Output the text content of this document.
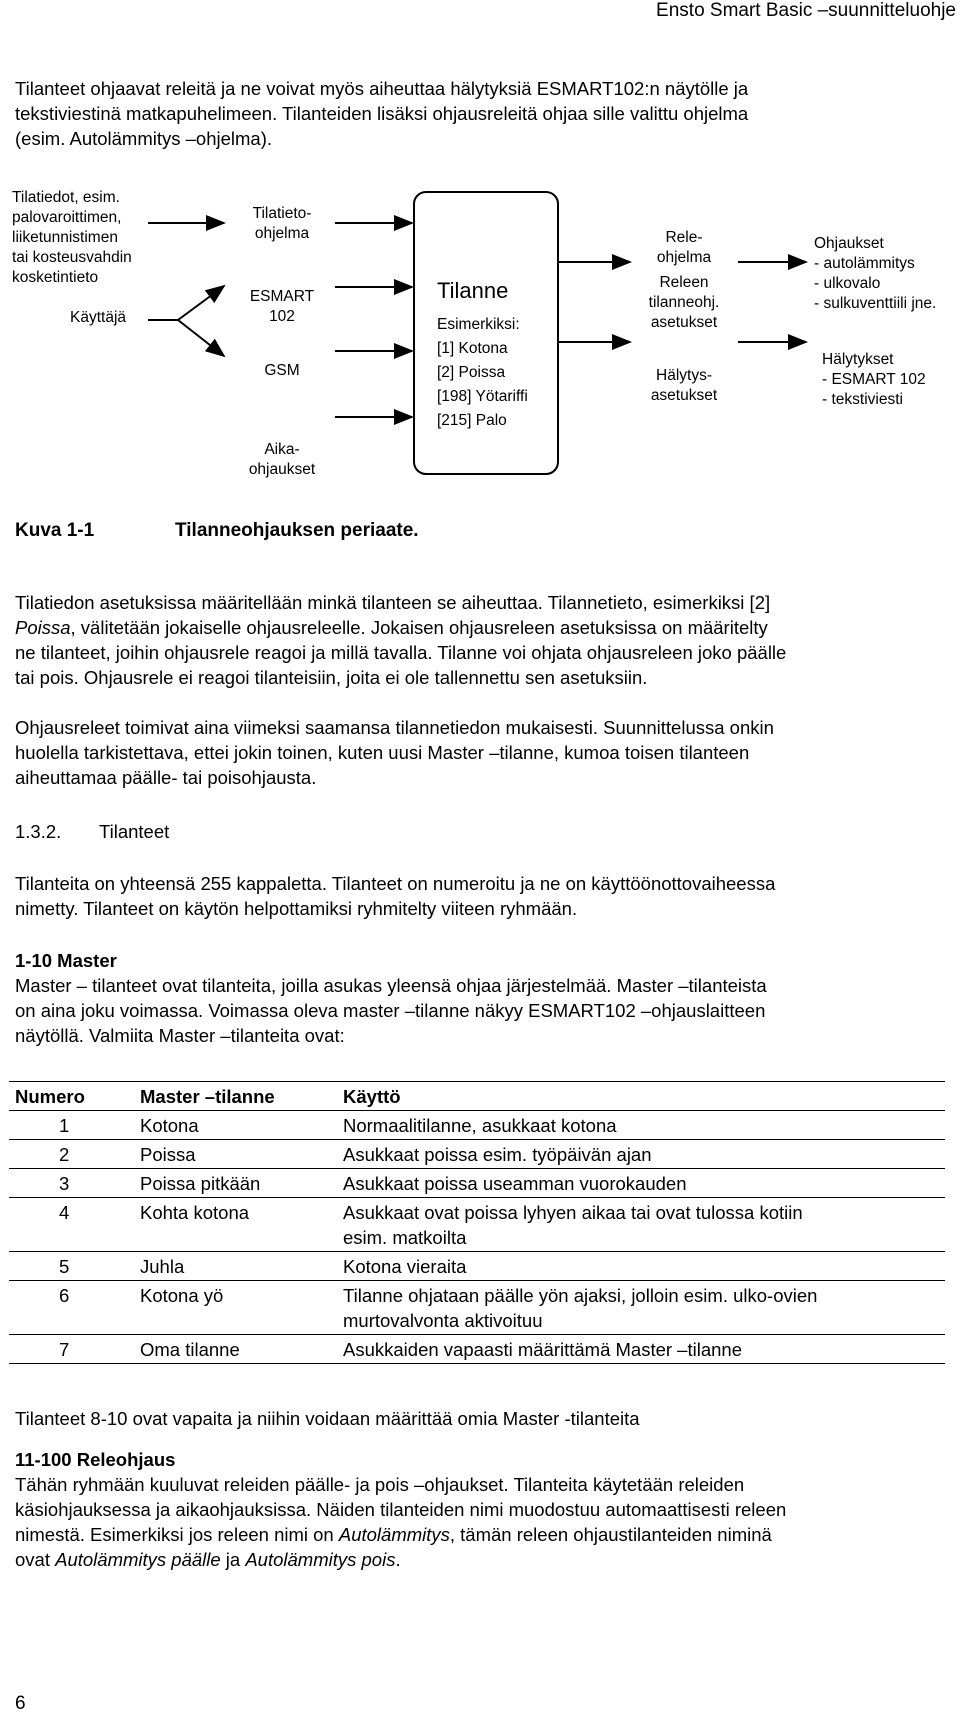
Ensto Smart Basic –suunnitteluohje
Tilanteet ohjaavat releitä ja ne voivat myös aiheuttaa hälytyksiä ESMART102:n näytölle ja
tekstiviestinä matkapuhelimeen. Tilanteiden lisäksi ohjausreleitä ohjaa sille valittu ohjelma
(esim. Autolämmitys –ohjelma).
Tilatiedot, esim.
palovaroittimen,
liiketunnistimen
tai kosteusvahdin
kosketintieto
Käyttäjä
Tilatieto-
ohjelma
ESMART
102
GSM
Aika-
ohjaukset
Tilanne
Esimerkiksi:
[1] Kotona
[2] Poissa
[198] Yötariffi
[215] Palo
Rele-
ohjelma
Releen
tilanneohj.
asetukset
Hälytys-
asetukset
Ohjaukset
- autolämmitys
- ulkovalo
- sulkuventtiili jne.
Hälytykset
- ESMART 102
- tekstiviesti
Kuva 1-1	Tilanneohjauksen periaate.
Tilatiedon asetuksissa määritellään minkä tilanteen se aiheuttaa. Tilannetieto, esimerkiksi [2]
Poissa, välitetään jokaiselle ohjausreleelle. Jokaisen ohjausreleen asetuksissa on määritelty
ne tilanteet, joihin ohjausrele reagoi ja millä tavalla. Tilanne voi ohjata ohjausreleen joko päälle
tai pois. Ohjausrele ei reagoi tilanteisiin, joita ei ole tallennettu sen asetuksiin.
Ohjausreleet toimivat aina viimeksi saamansa tilannetiedon mukaisesti. Suunnittelussa onkin
huolella tarkistettava, ettei jokin toinen, kuten uusi Master –tilanne, kumoa toisen tilanteen
aiheuttamaa päälle- tai poisohjausta.
1.3.2. Tilanteet
Tilanteita on yhteensä 255 kappaletta. Tilanteet on numeroitu ja ne on käyttöönottovaiheessa
nimetty. Tilanteet on käytön helpottamiksi ryhmitelty viiteen ryhmään.
1-10 Master
Master – tilanteet ovat tilanteita, joilla asukas yleensä ohjaa järjestelmää. Master –tilanteista
on aina joku voimassa. Voimassa oleva master –tilanne näkyy ESMART102 –ohjauslaitteen
näytöllä. Valmiita Master –tilanteita ovat:
Numero	Master –tilanne	Käyttö
1	Kotona	Normaalitilanne, asukkaat kotona

2	Poissa	Asukkaat poissa esim. työpäivän ajan

3	Poissa pitkään	Asukkaat poissa useamman vuorokauden

4	Kohta kotona	Asukkaat ovat poissa lyhyen aikaa tai ovat tulossa kotiin
esim. matkoilta

5	Juhla	Kotona vieraita

6	Kotona yö	Tilanne ohjataan päälle yön ajaksi, jolloin esim. ulko-ovien
murtovalvonta aktivoituu

7	Oma tilanne	Asukkaiden vapaasti määrittämä Master –tilanne
Tilanteet 8-10 ovat vapaita ja niihin voidaan määrittää omia Master -tilanteita
11-100 Releohjaus
Tähän ryhmään kuuluvat releiden päälle- ja pois –ohjaukset. Tilanteita käytetään releiden
käsiohjauksessa ja aikaohjauksissa. Näiden tilanteiden nimi muodostuu automaattisesti releen
nimestä. Esimerkiksi jos releen nimi on Autolämmitys, tämän releen ohjaustilanteiden niminä
ovat Autolämmitys päälle ja Autolämmitys pois.
6
